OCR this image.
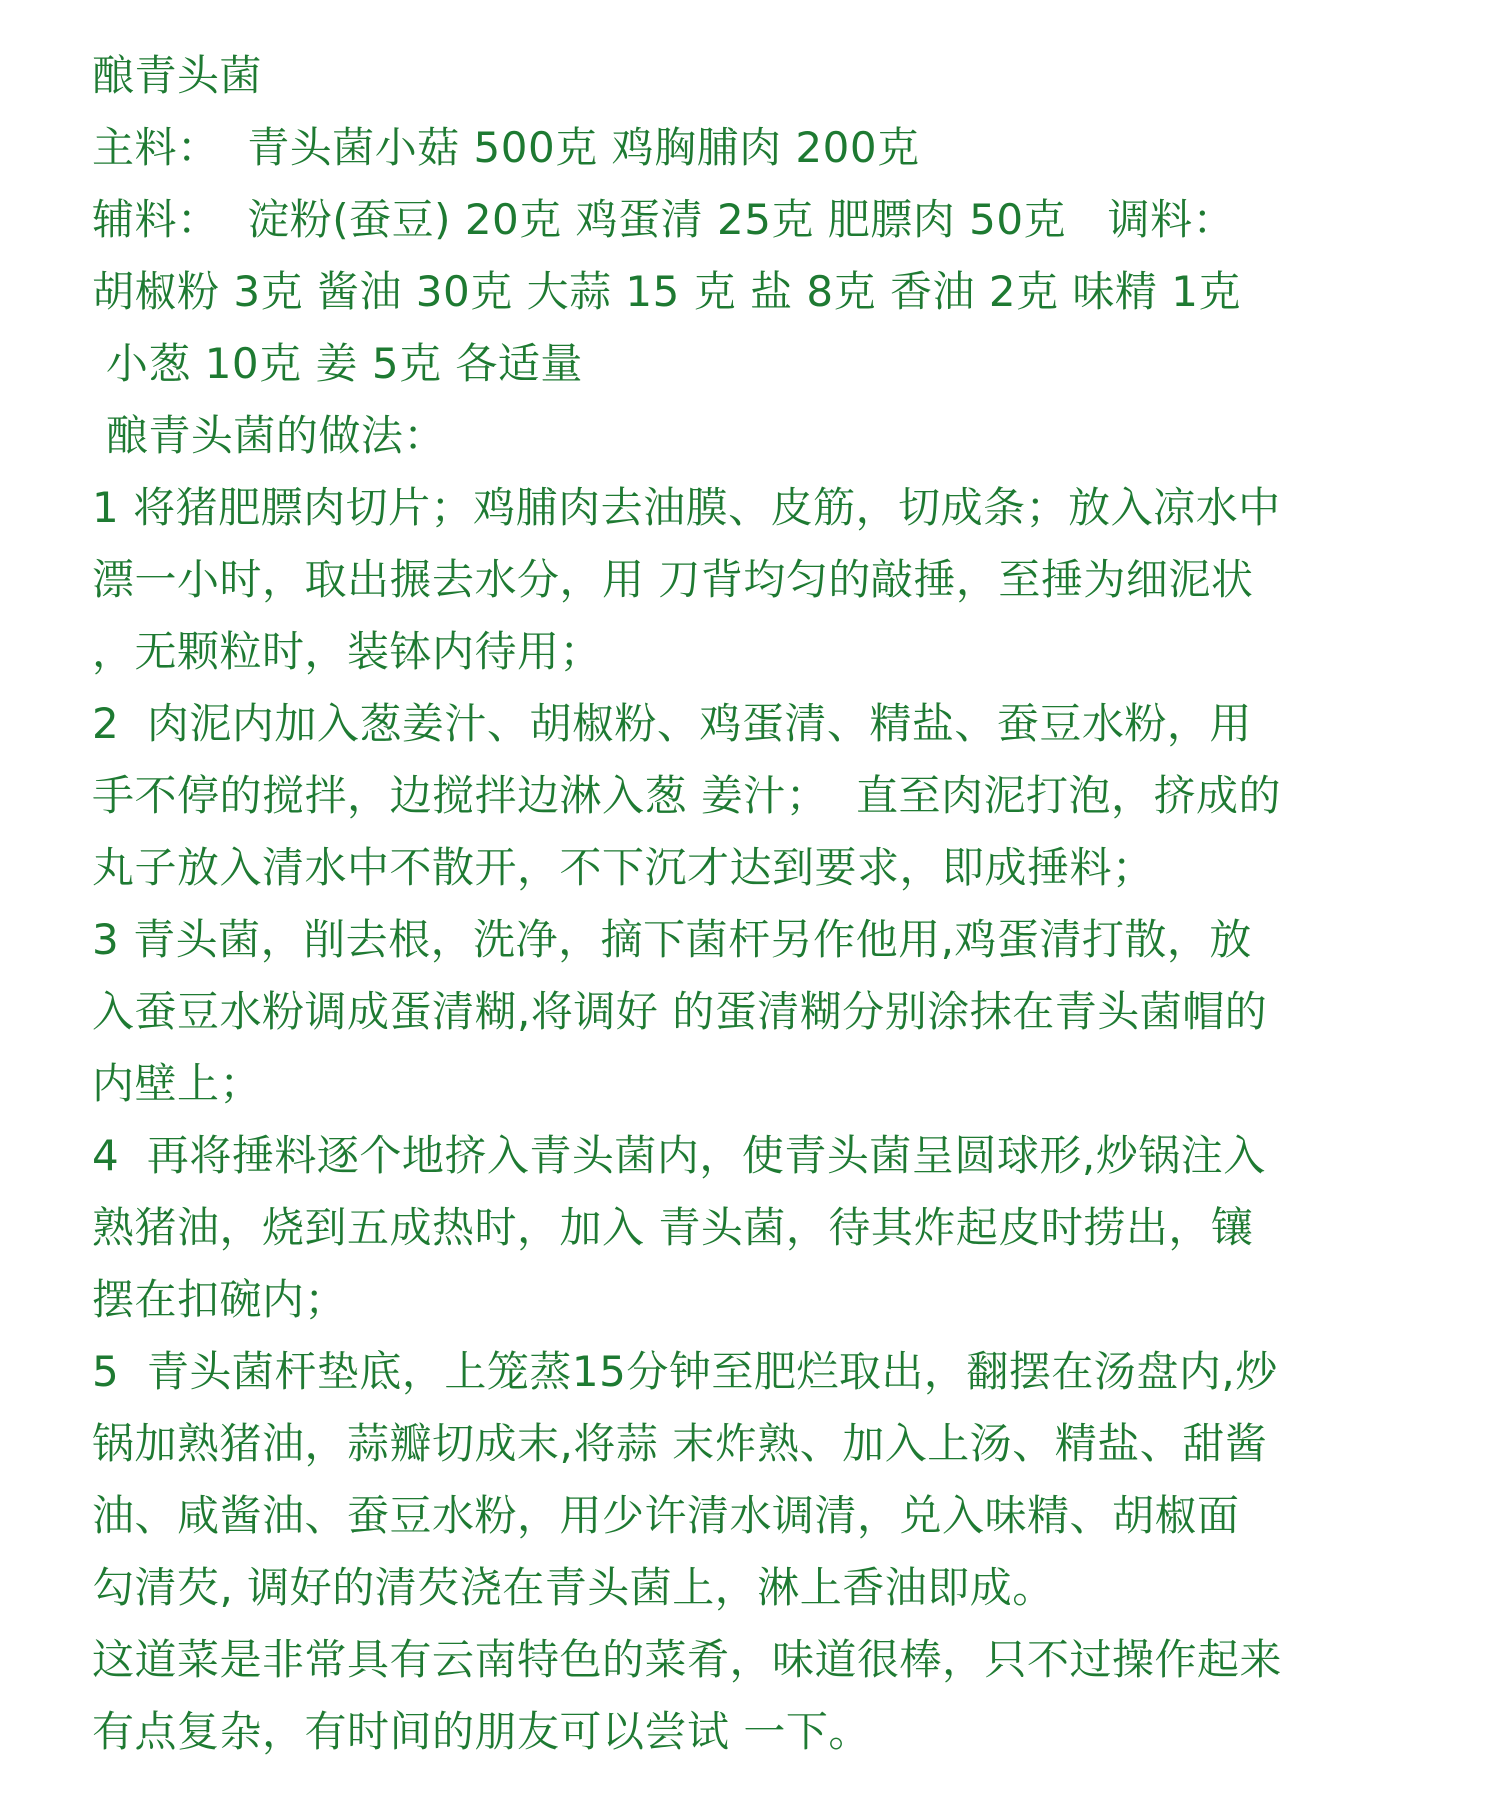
酿青头菌
主料：  青头菌小菇 500克 鸡胸脯肉 200克
辅料：  淀粉(蚕豆) 20克 鸡蛋清 25克 肥膘肉 50克   调料：
胡椒粉 3克 酱油 30克 大蒜 15 克 盐 8克 香油 2克 味精 1克
小葱 10克 姜 5克 各适量
酿青头菌的做法：
1 将猪肥膘肉切片；鸡脯肉去油膜、皮筋，切成条；放入凉水中
漂一小时，取出搌去水分，用 刀背均匀的敲捶，至捶为细泥状
，无颗粒时，装钵内待用；
2  肉泥内加入葱姜汁、胡椒粉、鸡蛋清、精盐、蚕豆水粉，用
手不停的搅拌，边搅拌边淋入葱 姜汁；  直至肉泥打泡，挤成的
丸子放入清水中不散开，不下沉才达到要求，即成捶料；
3 青头菌，削去根，洗净，摘下菌杆另作他用,鸡蛋清打散，放
入蚕豆水粉调成蛋清糊,将调好 的蛋清糊分别涂抹在青头菌帽的
内壁上；
4  再将捶料逐个地挤入青头菌内，使青头菌呈圆球形,炒锅注入
熟猪油，烧到五成热时，加入 青头菌，待其炸起皮时捞出，镶
摆在扣碗内；
5  青头菌杆垫底，上笼蒸15分钟至肥烂取出，翻摆在汤盘内,炒
锅加熟猪油，蒜瓣切成末,将蒜 末炸熟、加入上汤、精盐、甜酱
油、咸酱油、蚕豆水粉，用少许清水调清，兑入味精、胡椒面
勾清芡, 调好的清芡浇在青头菌上，淋上香油即成。
这道菜是非常具有云南特色的菜肴，味道很棒，只不过操作起来
有点复杂，有时间的朋友可以尝试 一下。
